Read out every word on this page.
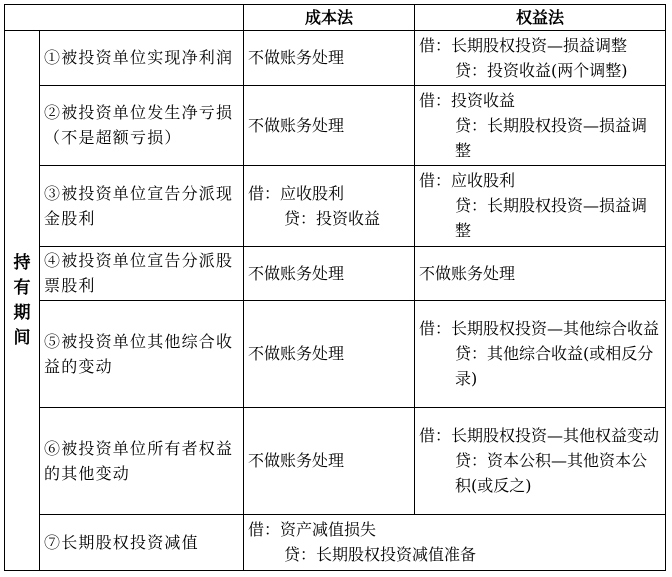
		成本法	权益法

持
有
期
间	①被投资单位实现净利润	不做账务处理	借：长期股权投资—损益调整
贷：投资收益(两个调整)

	②被投资单位发生净亏损（不是超额亏损）	不做账务处理	借：投资收益
贷：长期股权投资—损益调整

	③被投资单位宣告分派现金股利	借：应收股利
贷：投资收益	借：应收股利
贷：长期股权投资—损益调整

	④被投资单位宣告分派股票股利	不做账务处理	不做账务处理
	⑤被投资单位其他综合收益的变动	不做账务处理	借：长期股权投资—其他综合收益
贷：其他综合收益(或相反分录)

	⑥被投资单位所有者权益的其他变动	不做账务处理	借：长期股权投资—其他权益变动
贷：资本公积—其他资本公积(或反之)

	⑦长期股权投资减值	借：资产减值损失
贷：长期股权投资减值准备	
